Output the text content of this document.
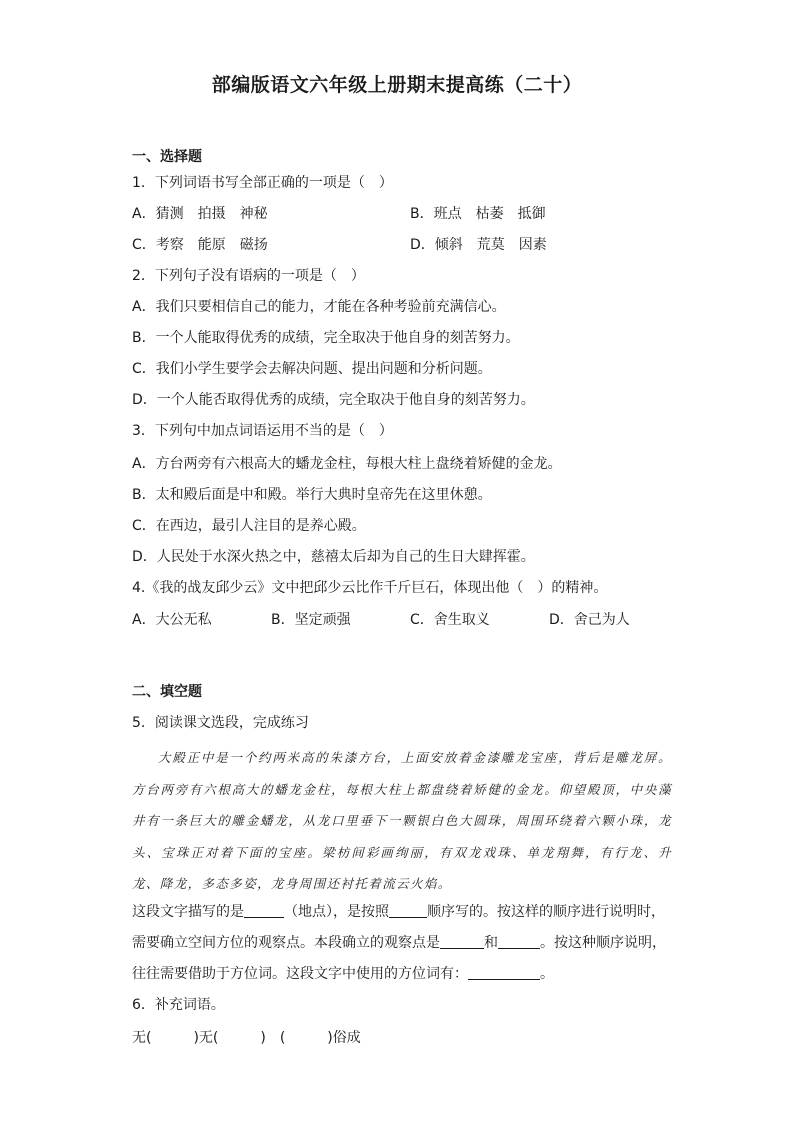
部编版语文六年级上册期末提高练（二十）
一、选择题
1．下列词语书写全部正确的一项是（　）
A．猜测　拍摄　神秘	B．班点　枯萎　抵御
C．考察　能原　磁扬	D．倾斜　荒莫　因素
2．下列句子没有语病的一项是（　）
A．我们只要相信自己的能力，才能在各种考验前充满信心。
B．一个人能取得优秀的成绩，完全取决于他自身的刻苦努力。
C．我们小学生要学会去解决问题、提出问题和分析问题。
D．一个人能否取得优秀的成绩，完全取决于他自身的刻苦努力。
3．下列句中加点词语运用不当的是（　）
A．方台两旁有六根高大的蟠龙金柱，每根大柱上盘绕着矫健的金龙。
B．太和殿后面是中和殿。举行大典时皇帝先在这里休憩。
C．在西边，最引人注目的是养心殿。
D．人民处于水深火热之中，慈禧太后却为自己的生日大肆挥霍。
4.《我的战友邱少云》文中把邱少云比作千斤巨石，体现出他（　）的精神。
A．大公无私	B．坚定顽强	C．舍生取义	D．舍己为人
二、填空题
5．阅读课文选段，完成练习
大殿正中是一个约两米高的朱漆方台，上面安放着金漆雕龙宝座，背后是雕龙屏。方台两旁有六根高大的蟠龙金柱，每根大柱上都盘绕着矫健的金龙。仰望殿顶，中央藻井有一条巨大的雕金蟠龙，从龙口里垂下一颗银白色大圆珠，周围环绕着六颗小珠，龙头、宝珠正对着下面的宝座。梁枋间彩画绚丽，有双龙戏珠、单龙翔舞，有行龙、升龙、降龙，多态多姿，龙身周围还衬托着流云火焰。
这段文字描写的是	（地点），是按照	顺序写的。按这样的顺序进行说明时，
需要确立空间方位的观察点。本段确立的观察点是	和	。按这种顺序说明，
往往需要借助于方位词。这段文字中使用的方位词有：	。
6．补充词语。
无(　　　)无(　　　)　(　　　)俗成
